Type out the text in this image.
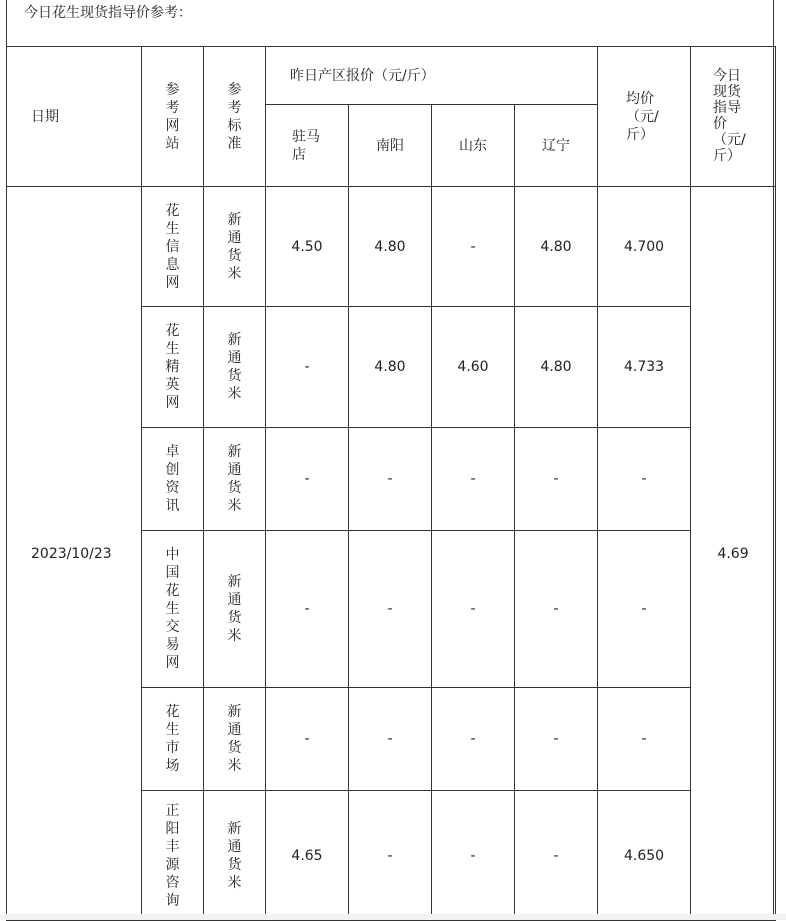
今日花生现货指导价参考：
日期	参考网站	参考标准	昨日产区报价（元/斤）				均价（元/斤）	今日现货指导价（元/斤）
			驻马店	南阳	山东	辽宁		
2023/10/23	花生信息网	新通货米	4.50	4.80	-	4.80	4.700	4.69
	花生精英网	新通货米	-	4.80	4.60	4.80	4.733	
	卓创资讯	新通货米	-	-	-	-	-	
	中国花生交易网	新通货米	-	-	-	-	-	
	花生市场	新通货米	-	-	-	-	-	
	正阳丰源咨询	新通货米	4.65	-	-	-	4.650	
